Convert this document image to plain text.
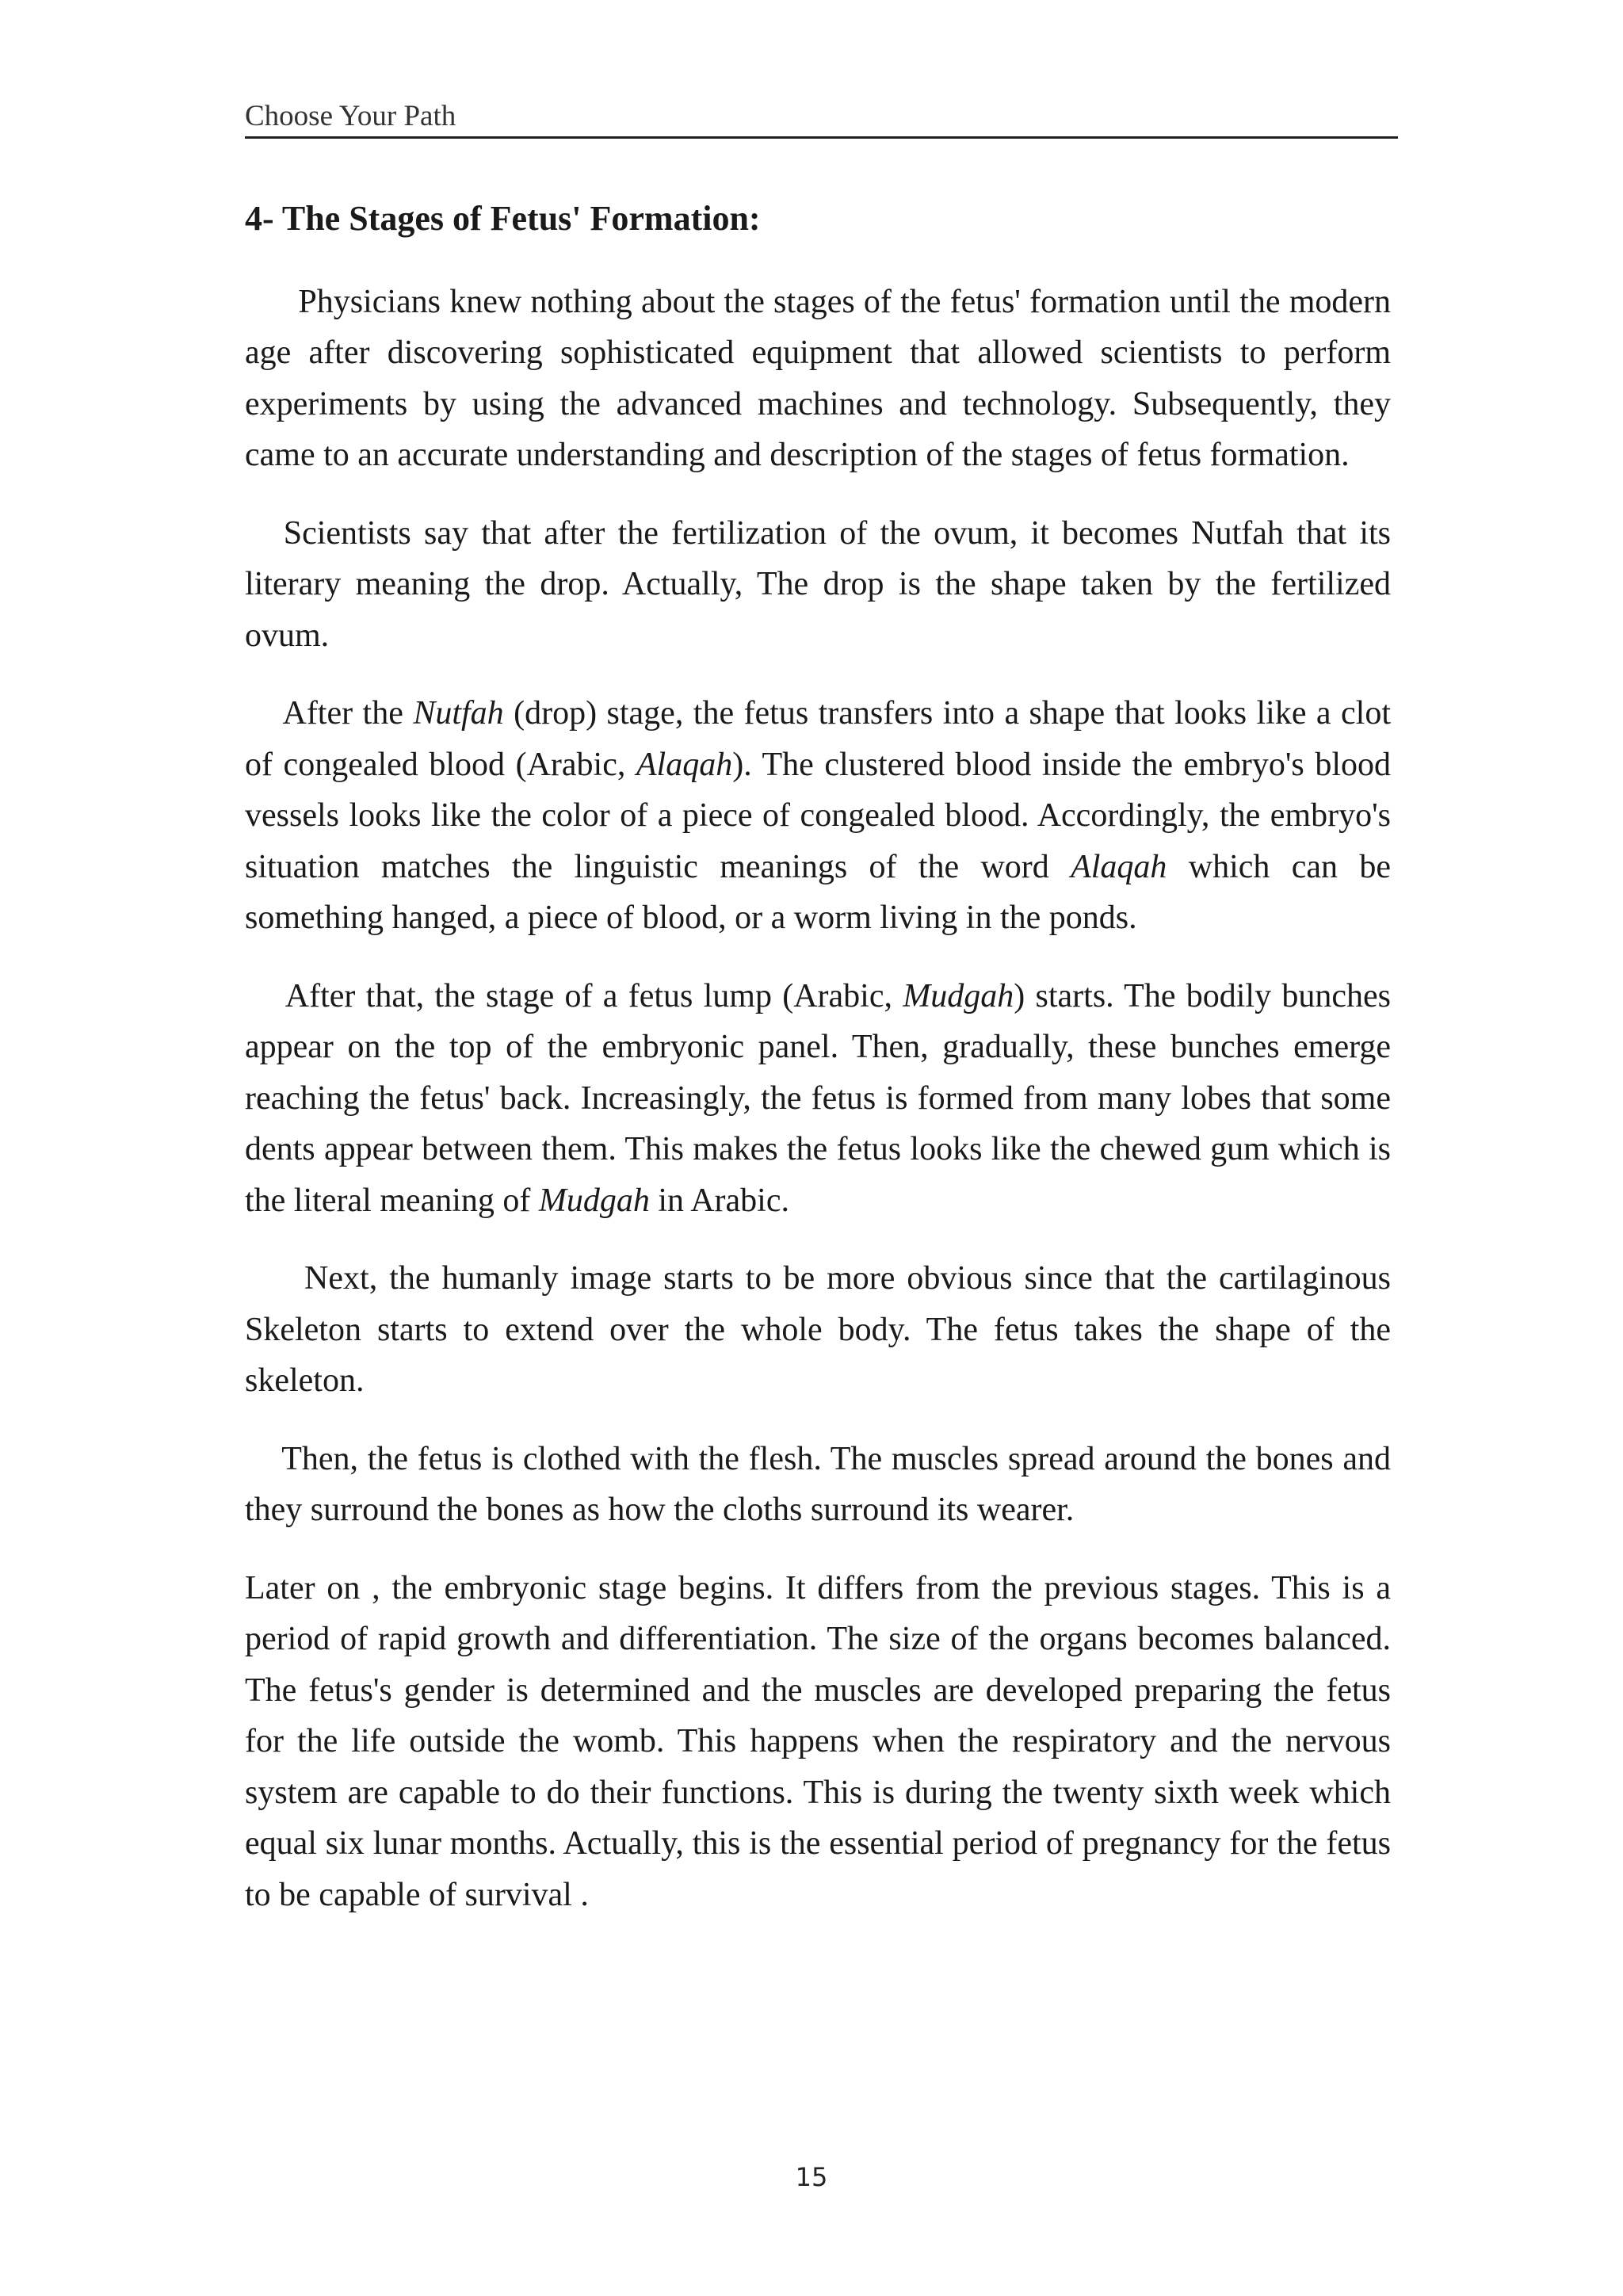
Choose Your Path
4- The Stages of Fetus' Formation:

Physicians knew nothing about the stages of the fetus' formation until the modern age after discovering sophisticated equipment that allowed scientists to perform experiments by using the advanced machines and technology. Subsequently, they came to an accurate understanding and description of the stages of fetus formation.

Scientists say that after the fertilization of the ovum, it becomes Nutfah that its literary meaning the drop. Actually, The drop is the shape taken by the fertilized ovum.

After the Nutfah (drop) stage, the fetus transfers into a shape that looks like a clot of congealed blood (Arabic, Alaqah). The clustered blood inside the embryo's blood vessels looks like the color of a piece of congealed blood. Accordingly, the embryo's situation matches the linguistic meanings of the word Alaqah which can be something hanged, a piece of blood, or a worm living in the ponds.

After that, the stage of a fetus lump (Arabic, Mudgah) starts. The bodily bunches appear on the top of the embryonic panel. Then, gradually, these bunches emerge reaching the fetus' back. Increasingly, the fetus is formed from many lobes that some dents appear between them. This makes the fetus looks like the chewed gum which is the literal meaning of Mudgah in Arabic.

Next, the humanly image starts to be more obvious since that the cartilaginous Skeleton starts to extend over the whole body. The fetus takes the shape of the skeleton.

Then, the fetus is clothed with the flesh. The muscles spread around the bones and they surround the bones as how the cloths surround its wearer.

Later on , the embryonic stage begins. It differs from the previous stages. This is a period of rapid growth and differentiation. The size of the organs becomes balanced. The fetus's gender is determined and the muscles are developed preparing the fetus for the life outside the womb. This happens when the respiratory and the nervous system are capable to do their functions. This is during the twenty sixth week which equal six lunar months. Actually, this is the essential period of pregnancy for the fetus to be capable of survival .

15
